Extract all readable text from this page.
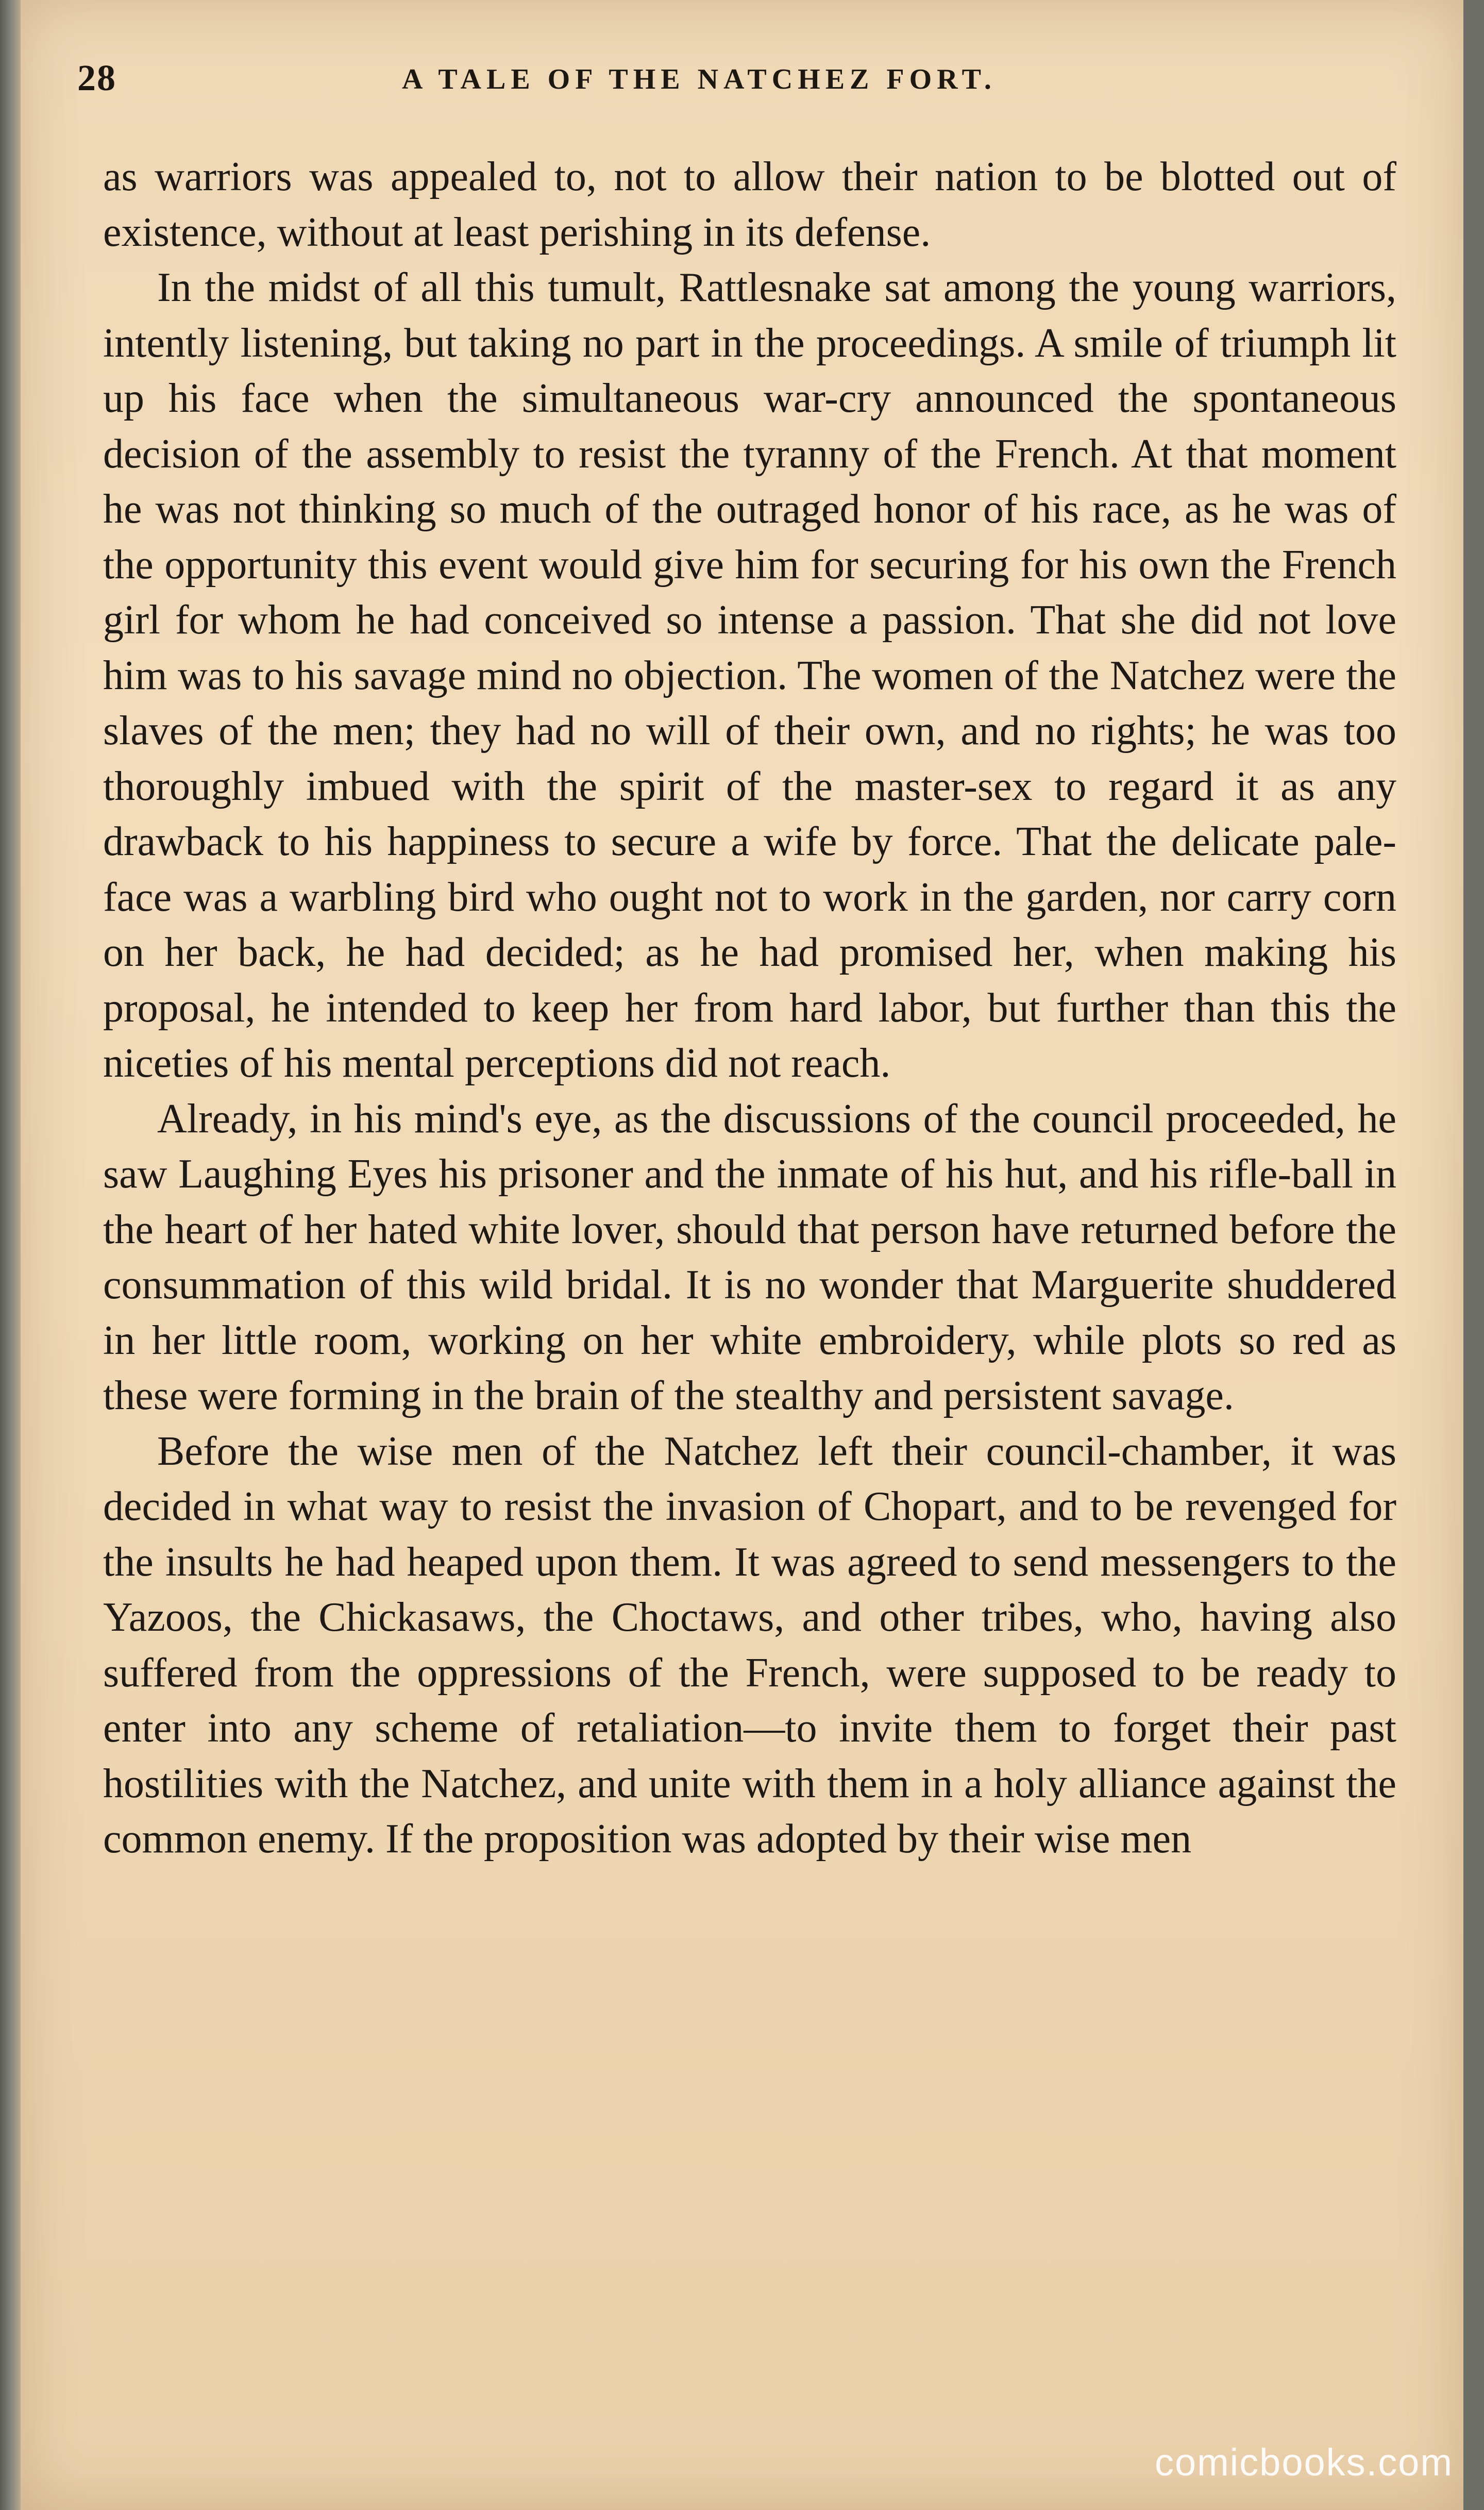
28	A TALE OF THE NATCHEZ FORT.

as warriors was appealed to, not to allow their nation to be blotted out of existence, without at least perishing in its defense.

In the midst of all this tumult, Rattlesnake sat among the young warriors, intently listening, but taking no part in the proceedings. A smile of triumph lit up his face when the simultaneous war-cry announced the spontaneous decision of the assembly to resist the tyranny of the French. At that moment he was not thinking so much of the outraged honor of his race, as he was of the opportunity this event would give him for securing for his own the French girl for whom he had conceived so intense a passion. That she did not love him was to his savage mind no objection. The women of the Natchez were the slaves of the men; they had no will of their own, and no rights; he was too thoroughly imbued with the spirit of the master-sex to regard it as any drawback to his happiness to secure a wife by force. That the delicate pale-face was a warbling bird who ought not to work in the garden, nor carry corn on her back, he had decided; as he had promised her, when making his proposal, he intended to keep her from hard labor, but further than this the niceties of his mental perceptions did not reach.

Already, in his mind's eye, as the discussions of the council proceeded, he saw Laughing Eyes his prisoner and the inmate of his hut, and his rifle-ball in the heart of her hated white lover, should that person have returned before the consummation of this wild bridal. It is no wonder that Marguerite shuddered in her little room, working on her white embroidery, while plots so red as these were forming in the brain of the stealthy and persistent savage.

Before the wise men of the Natchez left their council-chamber, it was decided in what way to resist the invasion of Chopart, and to be revenged for the insults he had heaped upon them. It was agreed to send messengers to the Yazoos, the Chickasaws, the Choctaws, and other tribes, who, having also suffered from the oppressions of the French, were supposed to be ready to enter into any scheme of retaliation—to invite them to forget their past hostilities with the Natchez, and unite with them in a holy alliance against the common enemy. If the proposition was adopted by their wise men

comicbooks.com
